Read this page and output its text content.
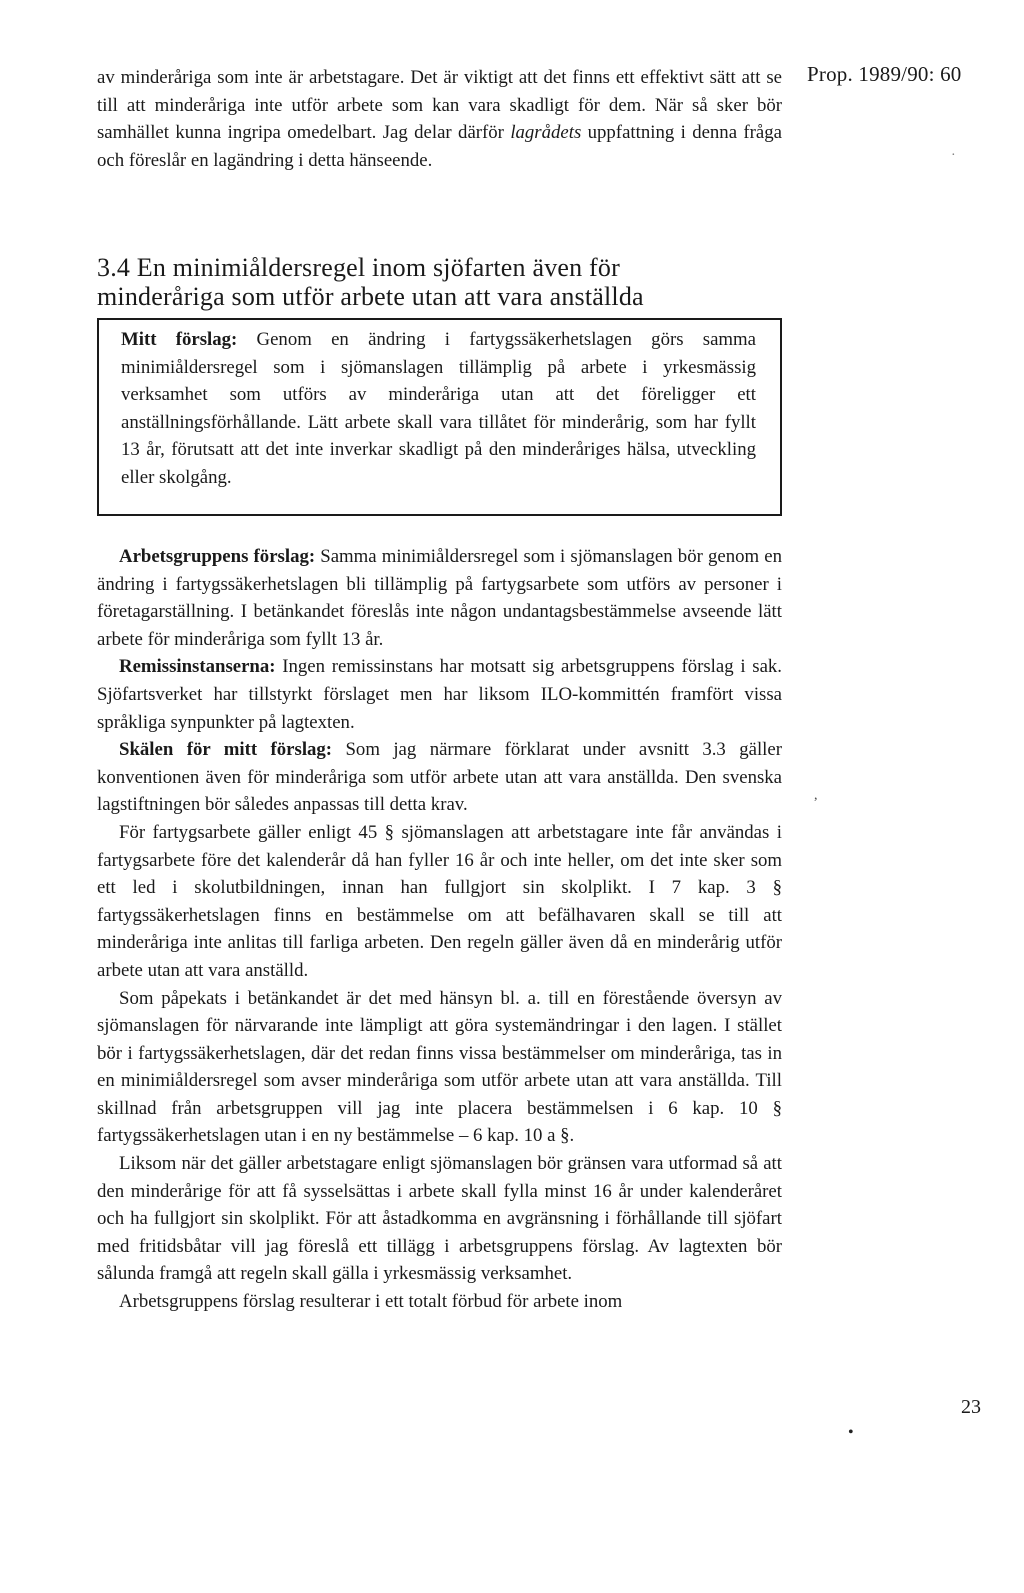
Prop. 1989/90: 60

av minderåriga som inte är arbetstagare. Det är viktigt att det finns ett effektivt sätt att se till att minderåriga inte utför arbete som kan vara skadligt för dem. När så sker bör samhället kunna ingripa omedelbart. Jag delar därför lagrådets uppfattning i denna fråga och föreslår en lagändring i detta hänseende.

3.4 En minimiåldersregel inom sjöfarten även för
minderåriga som utför arbete utan att vara anställda

Mitt förslag: Genom en ändring i fartygssäkerhetslagen görs samma minimiåldersregel som i sjömanslagen tillämplig på arbete i yrkesmässig verksamhet som utförs av minderåriga utan att det föreligger ett anställningsförhållande. Lätt arbete skall vara tillåtet för minderårig, som har fyllt 13 år, förutsatt att det inte inverkar skadligt på den minderåriges hälsa, utveckling eller skolgång.

Arbetsgruppens förslag: Samma minimiåldersregel som i sjömanslagen bör genom en ändring i fartygssäkerhetslagen bli tillämplig på fartygsarbete som utförs av personer i företagarställning. I betänkandet föreslås inte någon undantagsbestämmelse avseende lätt arbete för minderåriga som fyllt 13 år.

Remissinstanserna: Ingen remissinstans har motsatt sig arbetsgruppens förslag i sak. Sjöfartsverket har tillstyrkt förslaget men har liksom ILO-kommittén framfört vissa språkliga synpunkter på lagtexten.

Skälen för mitt förslag: Som jag närmare förklarat under avsnitt 3.3 gäller konventionen även för minderåriga som utför arbete utan att vara anställda. Den svenska lagstiftningen bör således anpassas till detta krav.

För fartygsarbete gäller enligt 45 § sjömanslagen att arbetstagare inte får användas i fartygsarbete före det kalenderår då han fyller 16 år och inte heller, om det inte sker som ett led i skolutbildningen, innan han fullgjort sin skolplikt. I 7 kap. 3 § fartygssäkerhetslagen finns en bestämmelse om att befälhavaren skall se till att minderåriga inte anlitas till farliga arbeten. Den regeln gäller även då en minderårig utför arbete utan att vara anställd.

Som påpekats i betänkandet är det med hänsyn bl. a. till en förestående översyn av sjömanslagen för närvarande inte lämpligt att göra systemändringar i den lagen. I stället bör i fartygssäkerhetslagen, där det redan finns vissa bestämmelser om minderåriga, tas in en minimiåldersregel som avser minderåriga som utför arbete utan att vara anställda. Till skillnad från arbetsgruppen vill jag inte placera bestämmelsen i 6 kap. 10 § fartygssäkerhetslagen utan i en ny bestämmelse – 6 kap. 10 a §.

Liksom när det gäller arbetstagare enligt sjömanslagen bör gränsen vara utformad så att den minderårige för att få sysselsättas i arbete skall fylla minst 16 år under kalenderåret och ha fullgjort sin skolplikt. För att åstadkomma en avgränsning i förhållande till sjöfart med fritidsbåtar vill jag föreslå ett tillägg i arbetsgruppens förslag. Av lagtexten bör sålunda framgå att regeln skall gälla i yrkesmässig verksamhet.

Arbetsgruppens förslag resulterar i ett totalt förbud för arbete inom

23
·
,
•
